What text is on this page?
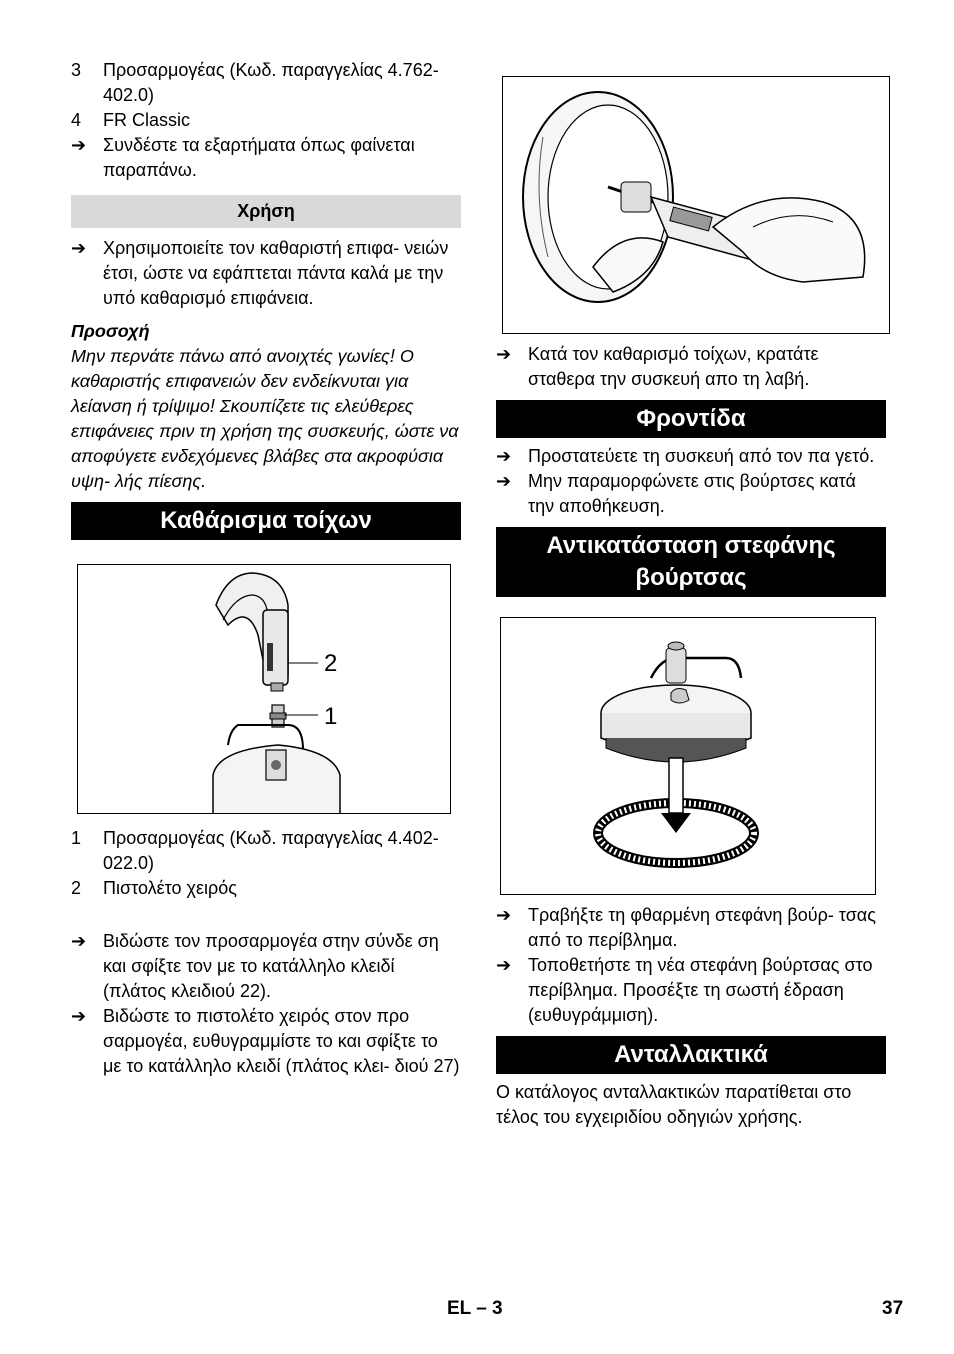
3	Προσαρμογέας (Κωδ. παραγγελίας 4.762-402.0)
4	FR Classic
➔ Συνδέστε τα εξαρτήματα όπως φαίνεται παραπάνω.
Χρήση
➔ Χρησιμοποιείτε τον καθαριστή επιφα- νειών έτσι, ώστε να εφάπτεται πάντα καλά με την υπό καθαρισμό επιφάνεια.
Προσοχή

Μην περνάτε πάνω από ανοιχτές γωνίες! Ο καθαριστής επιφανειών δεν ενδείκνυται για λείανση ή τρίψιμο! Σκουπίζετε τις ελεύθερες επιφάνειες πριν τη χρήση της συσκευής, ώστε να αποφύγετε ενδεχόμενες βλάβες στα ακροφύσια υψη- λής πίεσης.

Καθάρισμα τοίχων
2
1
1	Προσαρμογέας (Κωδ. παραγγελίας 4.402-022.0)
2	Πιστολέτο χειρός
➔ Βιδώστε τον προσαρμογέα στην σύνδε ση και σφίξτε τον με το κατάλληλο κλειδί (πλάτος κλειδιού 22).
➔ Βιδώστε το πιστολέτο χειρός στον προ σαρμογέα, ευθυγραμμίστε το και σφίξτε το με το κατάλληλο κλειδί (πλάτος κλει- διού 27)
➔ Κατά τον καθαρισμό τοίχων, κρατάτε σταθερα την συσκευή απο τη λαβή.
Φροντίδα
➔ Προστατεύετε τη συσκευή από τον πα γετό.
➔ Μην παραμορφώνετε στις βούρτσες κατά την αποθήκευση.
Αντικατάσταση στεφάνης βούρτσας
➔ Τραβήξτε τη φθαρμένη στεφάνη βούρ- τσας από το περίβλημα.
➔ Τοποθετήστε τη νέα στεφάνη βούρτσας στο περίβλημα. Προσέξτε τη σωστή έδραση (ευθυγράμμιση).
Ανταλλακτικά

Ο κατάλογος ανταλλακτικών παρατίθεται στο τέλος του εγχειριδίου οδηγιών χρήσης.

EL – 3	37
